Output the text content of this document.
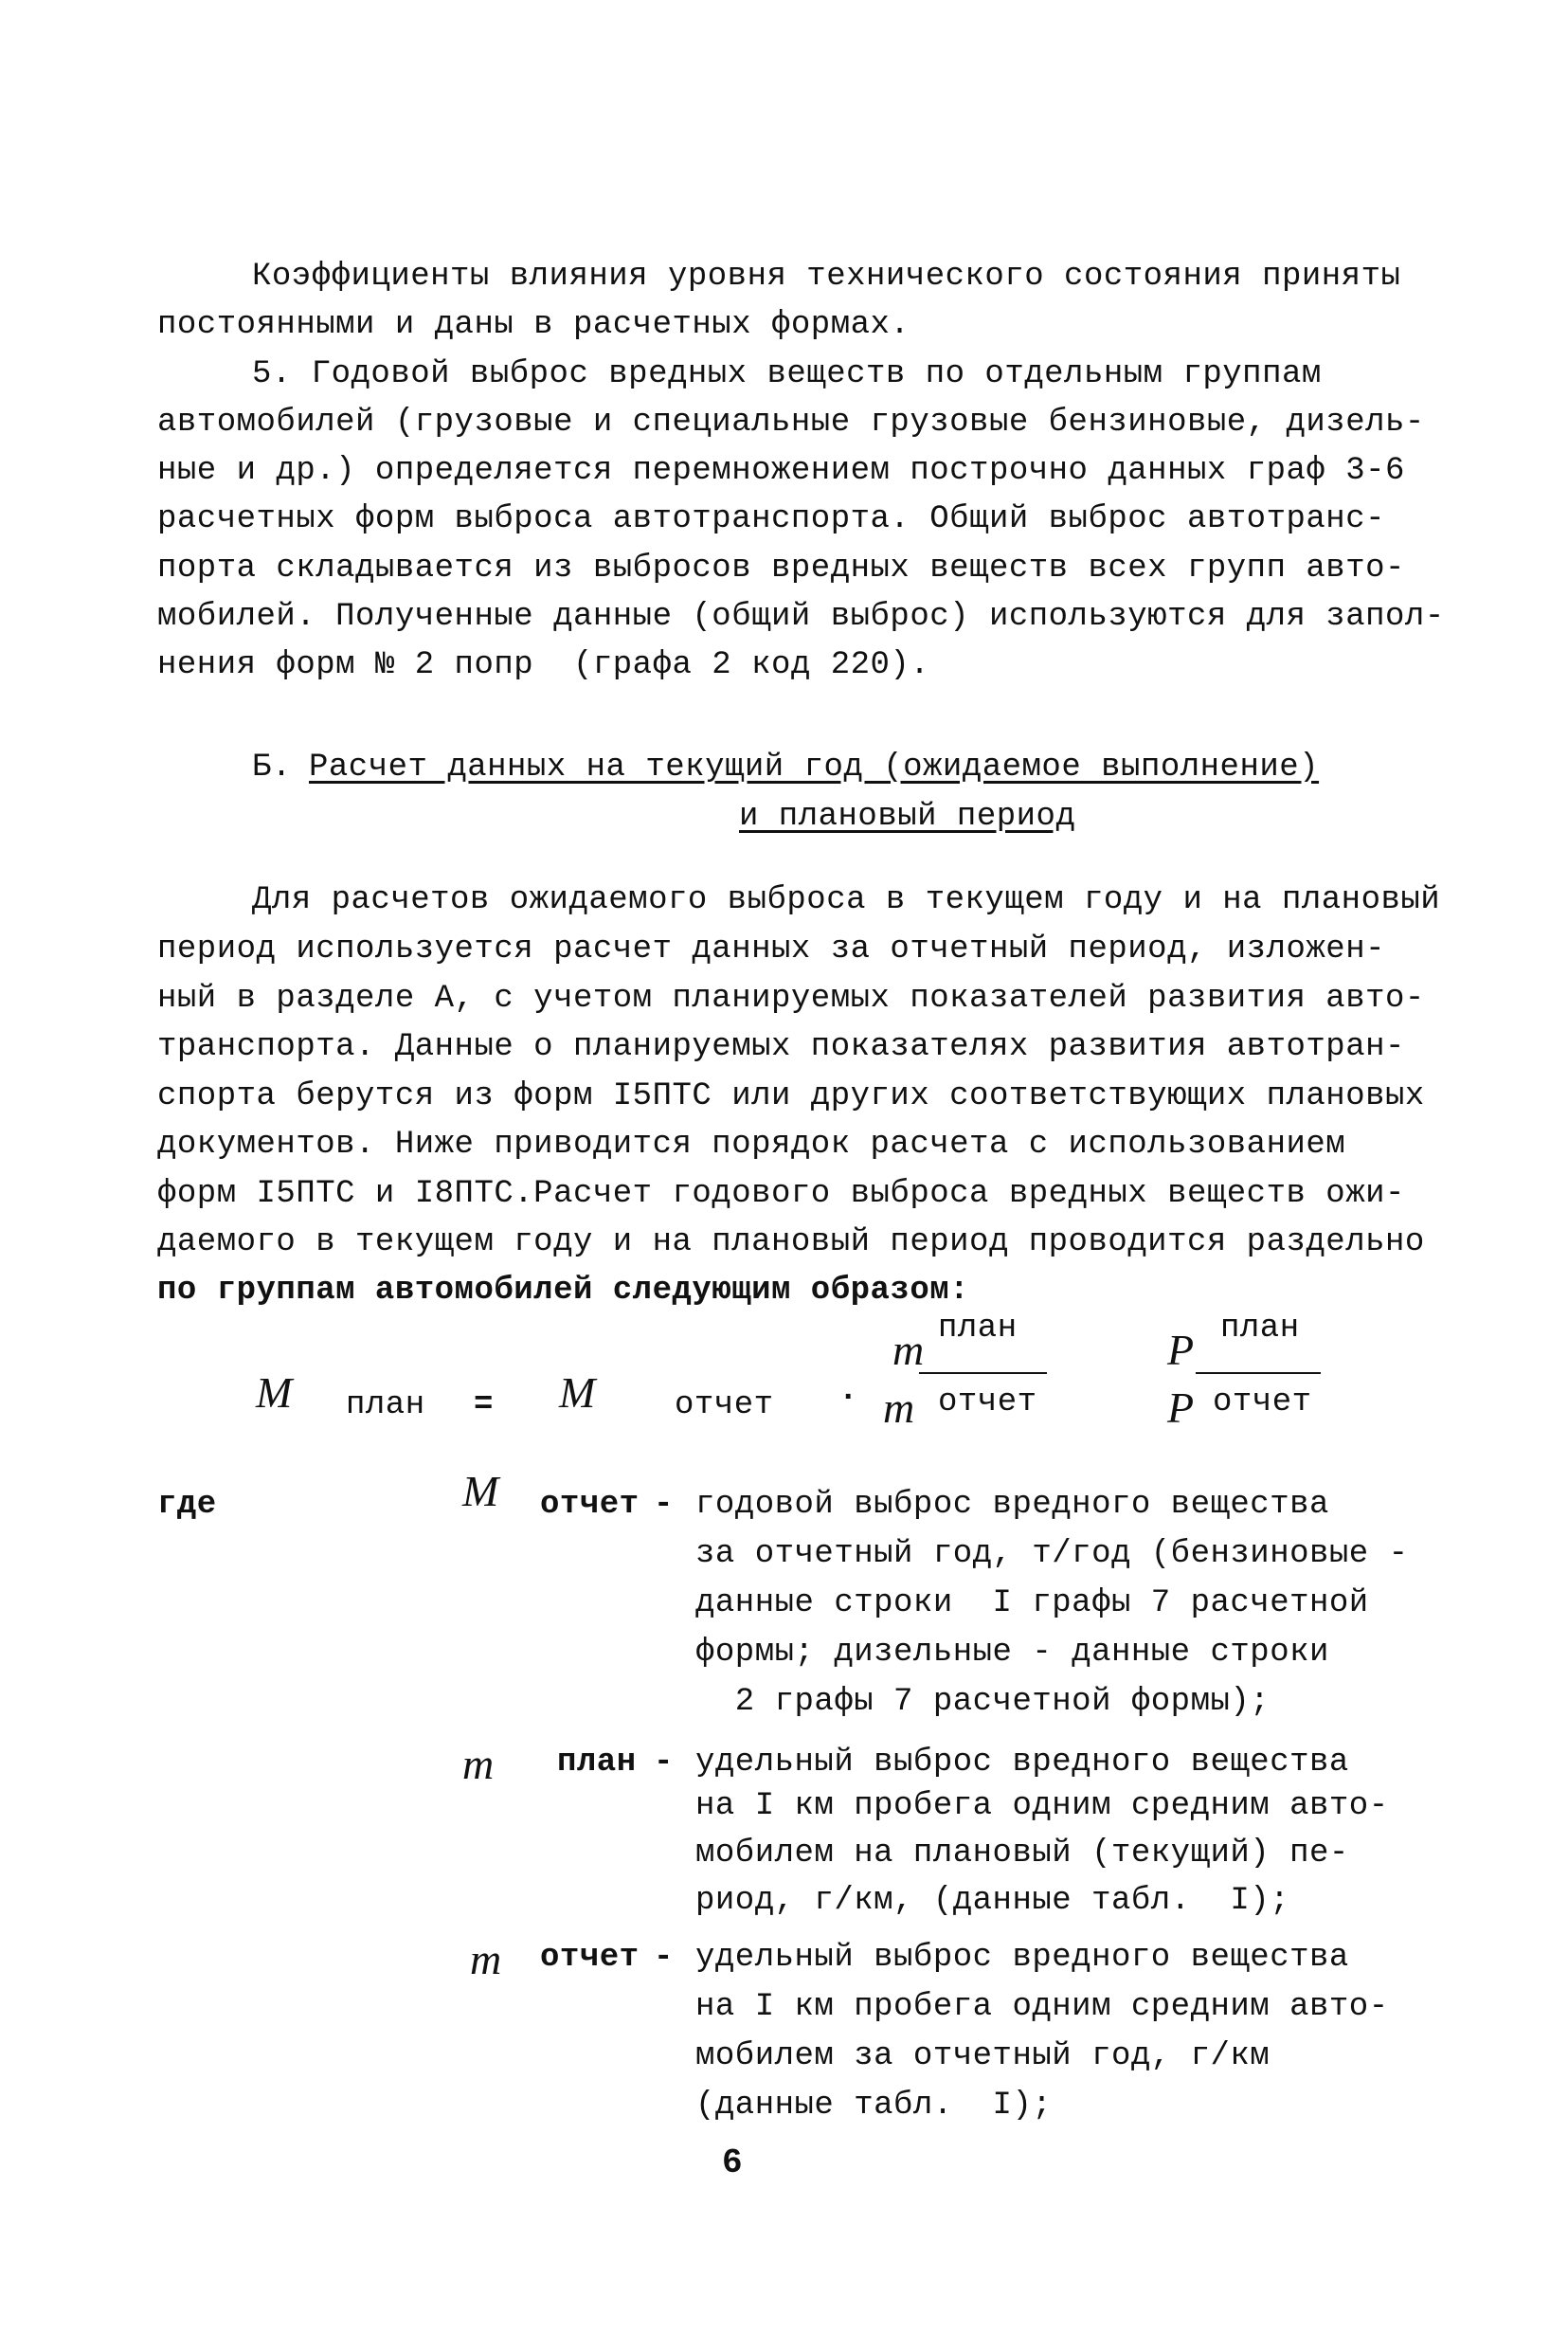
Коэффициенты влияния уровня технического состояния приняты
постоянными и даны в расчетных формах.
5. Годовой выброс вредных веществ по отдельным группам
автомобилей (грузовые и специальные грузовые бензиновые, дизель-
ные и др.) определяется перемножением построчно данных граф 3-6
расчетных форм выброса автотранспорта. Общий выброс автотранс-
порта складывается из выбросов вредных веществ всех групп авто-
мобилей. Полученные данные (общий выброс) используются для запол-
нения форм № 2 попр  (графа 2 код 220).
Б. Расчет данных на текущий год (ожидаемое выполнение)
и плановый период
Для расчетов ожидаемого выброса в текущем году и на плановый
период используется расчет данных за отчетный период, изложен-
ный в разделе А, с учетом планируемых показателей развития авто-
транспорта. Данные о планируемых показателях развития автотран-
спорта берутся из форм I5ПТС или других соответствующих плановых
документов. Ниже приводится порядок расчета с использованием
форм I5ПТС и I8ПТС.Расчет годового выброса вредных веществ ожи-
даемого в текущем году и на плановый период проводится раздельно
по группам автомобилей следующим образом:
M план = M отчет ·
план
m
отчет
m
план
P
отчет
P
где	M отчет - годовой выброс вредного вещества
за отчетный год, т/год (бензиновые -
данные строки  I графы 7 расчетной
формы; дизельные - данные строки
2 графы 7 расчетной формы);
m план - удельный выброс вредного вещества
на I км пробега одним средним авто-
мобилем на плановый (текущий) пе-
риод, г/км, (данные табл.  I);
m отчет - удельный выброс вредного вещества
на I км пробега одним средним авто-
мобилем за отчетный год, г/км
(данные табл.  I);
6
